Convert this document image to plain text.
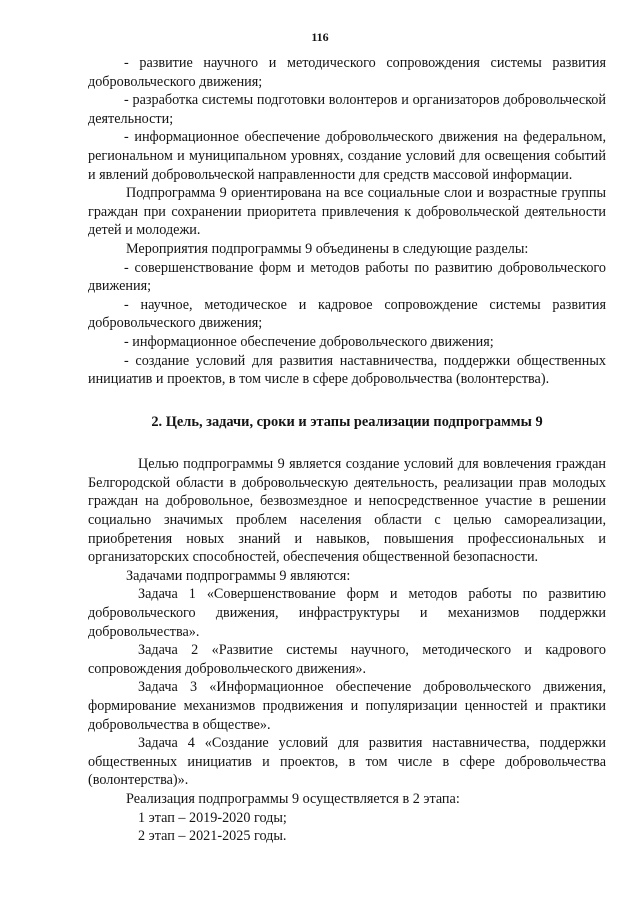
116

- развитие научного и методического сопровождения системы развития добровольческого движения;

- разработка системы подготовки волонтеров и организаторов добровольческой деятельности;

- информационное обеспечение добровольческого движения на федеральном, региональном и муниципальном уровнях, создание условий для освещения событий и явлений добровольческой направленности для средств массовой информации.

Подпрограмма 9 ориентирована на все социальные слои и возрастные группы граждан при сохранении приоритета привлечения к добровольческой деятельности детей и молодежи.

Мероприятия подпрограммы 9 объединены в следующие разделы:

- совершенствование форм и методов работы по развитию добровольческого движения;

- научное, методическое и кадровое сопровождение системы развития добровольческого движения;

- информационное обеспечение добровольческого движения;

- создание условий для развития наставничества, поддержки общественных инициатив и проектов, в том числе в сфере добровольчества (волонтерства).

2. Цель, задачи, сроки и этапы реализации подпрограммы 9

Целью подпрограммы 9 является создание условий для вовлечения граждан Белгородской области в добровольческую деятельность, реализации прав молодых граждан на добровольное, безвозмездное и непосредственное участие в решении социально значимых проблем населения области с целью самореализации, приобретения новых знаний и навыков, повышения профессиональных и организаторских способностей, обеспечения общественной безопасности.

Задачами подпрограммы 9 являются:

Задача 1 «Совершенствование форм и методов работы по развитию добровольческого движения, инфраструктуры и механизмов поддержки добровольчества».

Задача 2 «Развитие системы научного, методического и кадрового сопровождения добровольческого движения».

Задача 3 «Информационное обеспечение добровольческого движения, формирование механизмов продвижения и популяризации ценностей и практики добровольчества в обществе».

Задача 4 «Создание условий для развития наставничества, поддержки общественных инициатив и проектов, в том числе в сфере добровольчества (волонтерства)».

Реализация подпрограммы 9 осуществляется в 2 этапа:

1 этап – 2019-2020 годы;

2 этап – 2021-2025 годы.
